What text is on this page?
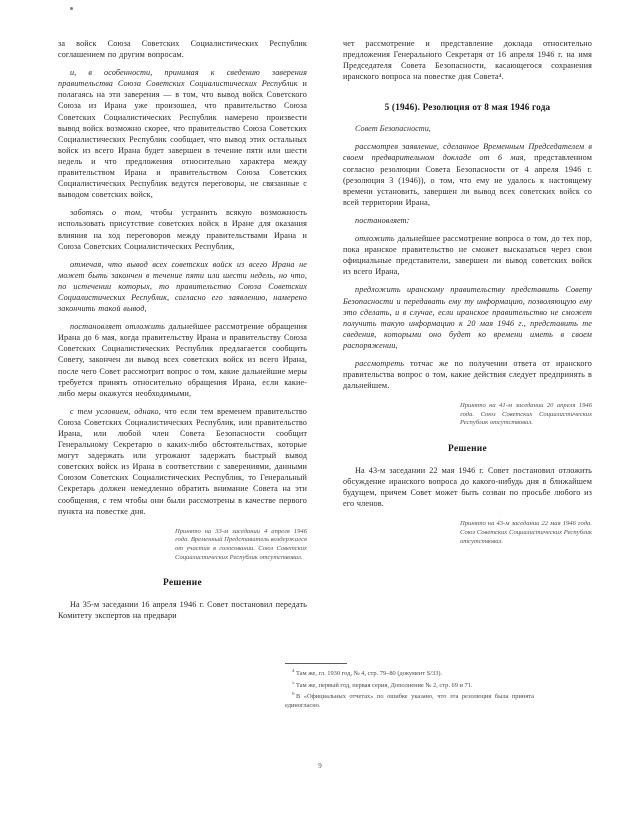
за войск Союза Советских Социалистических Республик соглашением по другим вопросам.

и, в особенности, принимая к сведению заверения правительства Союза Советских Социалистических Республик и полагаясь на эти заверения — в том, что вывод войск Советского Союза из Ирана уже произошел, что правительство Союза Советских Социалистических Республик намерено произвести вывод войск возможно скорее, что правительство Союза Советских Социалистических Республик сообщает, что вывод этих остальных войск из всего Ирана будет завершен в течение пяти или шести недель и что предложения относительно характера между правительством Ирана и правительством Союза Советских Социалистических Республик ведутся переговоры, не связанные с выводом советских войск,

заботясь о том, чтобы устранить всякую возможность использовать присутствие советских войск в Иране для оказания влияния на ход переговоров между правительствами Ирана и Союза Советских Социалистических Республик,

отмечая, что вывод всех советских войск из всего Ирана не может быть закончен в течение пяти или шести недель, но что, по истечении которых, то правительство Союза Советских Социалистических Республик, согласно его заявлению, намерено закончить такой вывод,

постановляет отложить дальнейшее рассмотрение обращения Ирана до 6 мая, когда правительству Ирана и правительству Союза Советских Социалистических Республик предлагается сообщить Совету, закончен ли вывод всех советских войск из всего Ирана, после чего Совет рассмотрит вопрос о том, какие дальнейшие меры требуется принять относительно обращения Ирана, если какие-либо меры окажутся необходимыми,

с тем условием, однако, что если тем временем правительство Союза Советских Социалистических Республик, или правительство Ирана, или любой член Совета Безопасности сообщит Генеральному Секретарю о каких-либо обстоятельствах, которые могут задержать или угрожают задержать быстрый вывод советских войск из Ирана в соответствии с заверениями, данными Союзом Советских Социалистических Республик, то Генеральный Секретарь должен немедленно обратить внимание Совета на эти сообщения, с тем чтобы они были рассмотрены в качестве первого пункта на повестке дня.

Принято на 33-м заседании 4 апреля 1946 года. Временный Представитель воздержался от участия в голосовании. Союз Советских Социалистических Республик отсутствовал.
Решение

На 35-м заседании 16 апреля 1946 г. Совет постановил передать Комитету экспертов на предвари

чет рассмотрение и представление доклада относительно предложения Генерального Секретаря от 16 апреля 1946 г. на имя Председателя Совета Безопасности, касающегося сохранения иранского вопроса на повестке дня Совета⁴.

5 (1946). Резолюция от 8 мая 1946 года
Совет Безопасности,

рассмотрев заявление, сделанное Временным Председателем в своем предварительном докладе от 6 мая, представленном согласно резолюции Совета Безопасности от 4 апреля 1946 г. (резолюция 3 (1946)), о том, что ему не удалось к настоящему времени установить, завершен ли вывод всех советских войск со всей территории Ирана,

постановляет:

отложить дальнейшее рассмотрение вопроса о том, до тех пор, пока иранское правительство не сможет высказаться через свои официальные представители, завершен ли вывод советских войск из всего Ирана,

предложить иранскому правительству представить Совету Безопасности и передавать ему ту информацию, позволяющую ему это сделать, и в случае, если иранское правительство не сможет получить такую информацию к 20 мая 1946 г., представить те сведения, которыми оно будет ко времени иметь в своем распоряжении,

рассмотреть тотчас же по получении ответа от иранского правительства вопрос о том, какие действия следует предпринять в дальнейшем.

Принято на 41-м заседании 20 апреля 1946 года. Союз Советских Социалистических Республик отсутствовал.
Решение

На 43-м заседании 22 мая 1946 г. Совет постановил отложить обсуждение иранского вопроса до какого-нибудь дня в ближайшем будущем, причем Совет может быть созван по просьбе любого из его членов.

Принято на 43-м заседании 22 мая 1946 года. Союз Советских Социалистических Республик отсутствовал.
$^4$ Там же, гл. 1930 год, № 4, стр. 79–80 (документ S/33).
$^5$ Там же, первый год, первая серия, Дополнение № 2, стр. 69 и 71.
$^6$ В «Официальных отчетах» по ошибке указано, что эта резолюция была принята единогласно.
9
